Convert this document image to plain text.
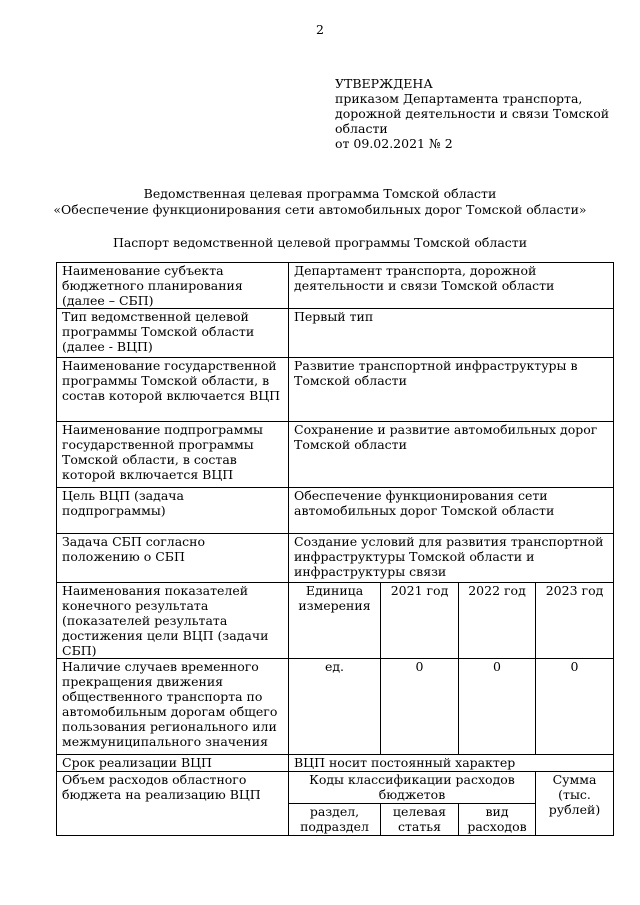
2
УТВЕРЖДЕНА
приказом Департамента транспорта,
дорожной деятельности и связи Томской
области
от 09.02.2021 № 2
Ведомственная целевая программа Томской области
«Обеспечение функционирования сети автомобильных дорог Томской области»
Паспорт ведомственной целевой программы Томской области
Наименование субъекта бюджетного планирования (далее – СБП)	Департамент транспорта, дорожной деятельности и связи Томской области			
Тип ведомственной целевой программы Томской области (далее - ВЦП)	Первый тип			
Наименование государственной программы Томской области, в состав которой включается ВЦП	Развитие транспортной инфраструктуры в Томской области			
Наименование подпрограммы государственной программы Томской области, в состав которой включается ВЦП	Сохранение и развитие автомобильных дорог Томской области			
Цель ВЦП (задача подпрограммы)	Обеспечение функционирования сети автомобильных дорог Томской области			
Задача СБП согласно положению о СБП	Создание условий для развития транспортной инфраструктуры Томской области и инфраструктуры связи			
Наименования показателей конечного результата (показателей результата достижения цели ВЦП (задачи СБП)	Единица измерения	2021 год	2022 год	2023 год
Наличие случаев временного прекращения движения общественного транспорта по автомобильным дорогам общего пользования регионального или межмуниципального значения	ед.	0	0	0
Срок реализации ВЦП	ВЦП носит постоянный характер			
Объем расходов областного бюджета на реализацию ВЦП	Коды классификации расходов бюджетов			Сумма (тыс. рублей)
	раздел, подраздел	целевая статья	вид расходов	
